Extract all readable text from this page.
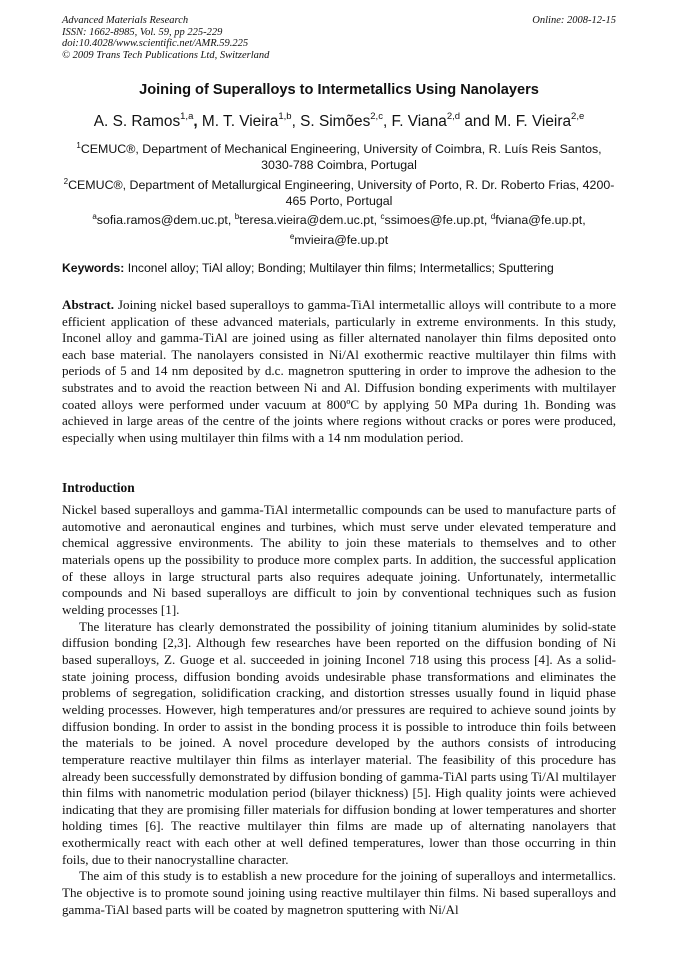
Advanced Materials Research
ISSN: 1662-8985, Vol. 59, pp 225-229
doi:10.4028/www.scientific.net/AMR.59.225
© 2009 Trans Tech Publications Ltd, Switzerland
Online: 2008-12-15
Joining of Superalloys to Intermetallics Using Nanolayers
A. S. Ramos$^{1,a}$, M. T. Vieira$^{1,b}$, S. Simões$^{2,c}$, F. Viana$^{2,d}$ and M. F. Vieira$^{2,e}$
$^1$CEMUC®, Department of Mechanical Engineering, University of Coimbra, R. Luís Reis Santos, 3030-788 Coimbra, Portugal
$^2$CEMUC®, Department of Metallurgical Engineering, University of Porto, R. Dr. Roberto Frias, 4200-465 Porto, Portugal
$^a$sofia.ramos@dem.uc.pt, $^b$teresa.vieira@dem.uc.pt, $^c$ssimoes@fe.up.pt, $^d$fviana@fe.up.pt, $^e$mvieira@fe.up.pt
Keywords: Inconel alloy; TiAl alloy; Bonding; Multilayer thin films; Intermetallics; Sputtering

Abstract. Joining nickel based superalloys to gamma-TiAl intermetallic alloys will contribute to a more efficient application of these advanced materials, particularly in extreme environments. In this study, Inconel alloy and gamma-TiAl are joined using as filler alternated nanolayer thin films deposited onto each base material. The nanolayers consisted in Ni/Al exothermic reactive multilayer thin films with periods of 5 and 14 nm deposited by d.c. magnetron sputtering in order to improve the adhesion to the substrates and to avoid the reaction between Ni and Al. Diffusion bonding experiments with multilayer coated alloys were performed under vacuum at 800ºC by applying 50 MPa during 1h. Bonding was achieved in large areas of the centre of the joints where regions without cracks or pores were produced, especially when using multilayer thin films with a 14 nm modulation period.

Introduction

Nickel based superalloys and gamma-TiAl intermetallic compounds can be used to manufacture parts of automotive and aeronautical engines and turbines, which must serve under elevated temperature and chemical aggressive environments. The ability to join these materials to themselves and to other materials opens up the possibility to produce more complex parts. In addition, the successful application of these alloys in large structural parts also requires adequate joining. Unfortunately, intermetallic compounds and Ni based superalloys are difficult to join by conventional techniques such as fusion welding processes [1].

The literature has clearly demonstrated the possibility of joining titanium aluminides by solid-state diffusion bonding [2,3]. Although few researches have been reported on the diffusion bonding of Ni based superalloys, Z. Guoge et al. succeeded in joining Inconel 718 using this process [4]. As a solid-state joining process, diffusion bonding avoids undesirable phase transformations and eliminates the problems of segregation, solidification cracking, and distortion stresses usually found in liquid phase welding processes. However, high temperatures and/or pressures are required to achieve sound joints by diffusion bonding. In order to assist in the bonding process it is possible to introduce thin foils between the materials to be joined. A novel procedure developed by the authors consists of introducing temperature reactive multilayer thin films as interlayer material. The feasibility of this procedure has already been successfully demonstrated by diffusion bonding of gamma-TiAl parts using Ti/Al multilayer thin films with nanometric modulation period (bilayer thickness) [5]. High quality joints were achieved indicating that they are promising filler materials for diffusion bonding at lower temperatures and shorter holding times [6]. The reactive multilayer thin films are made up of alternating nanolayers that exothermically react with each other at well defined temperatures, lower than those occurring in thin foils, due to their nanocrystalline character.

The aim of this study is to establish a new procedure for the joining of superalloys and intermetallics. The objective is to promote sound joining using reactive multilayer thin films. Ni based superalloys and gamma-TiAl based parts will be coated by magnetron sputtering with Ni/Al
